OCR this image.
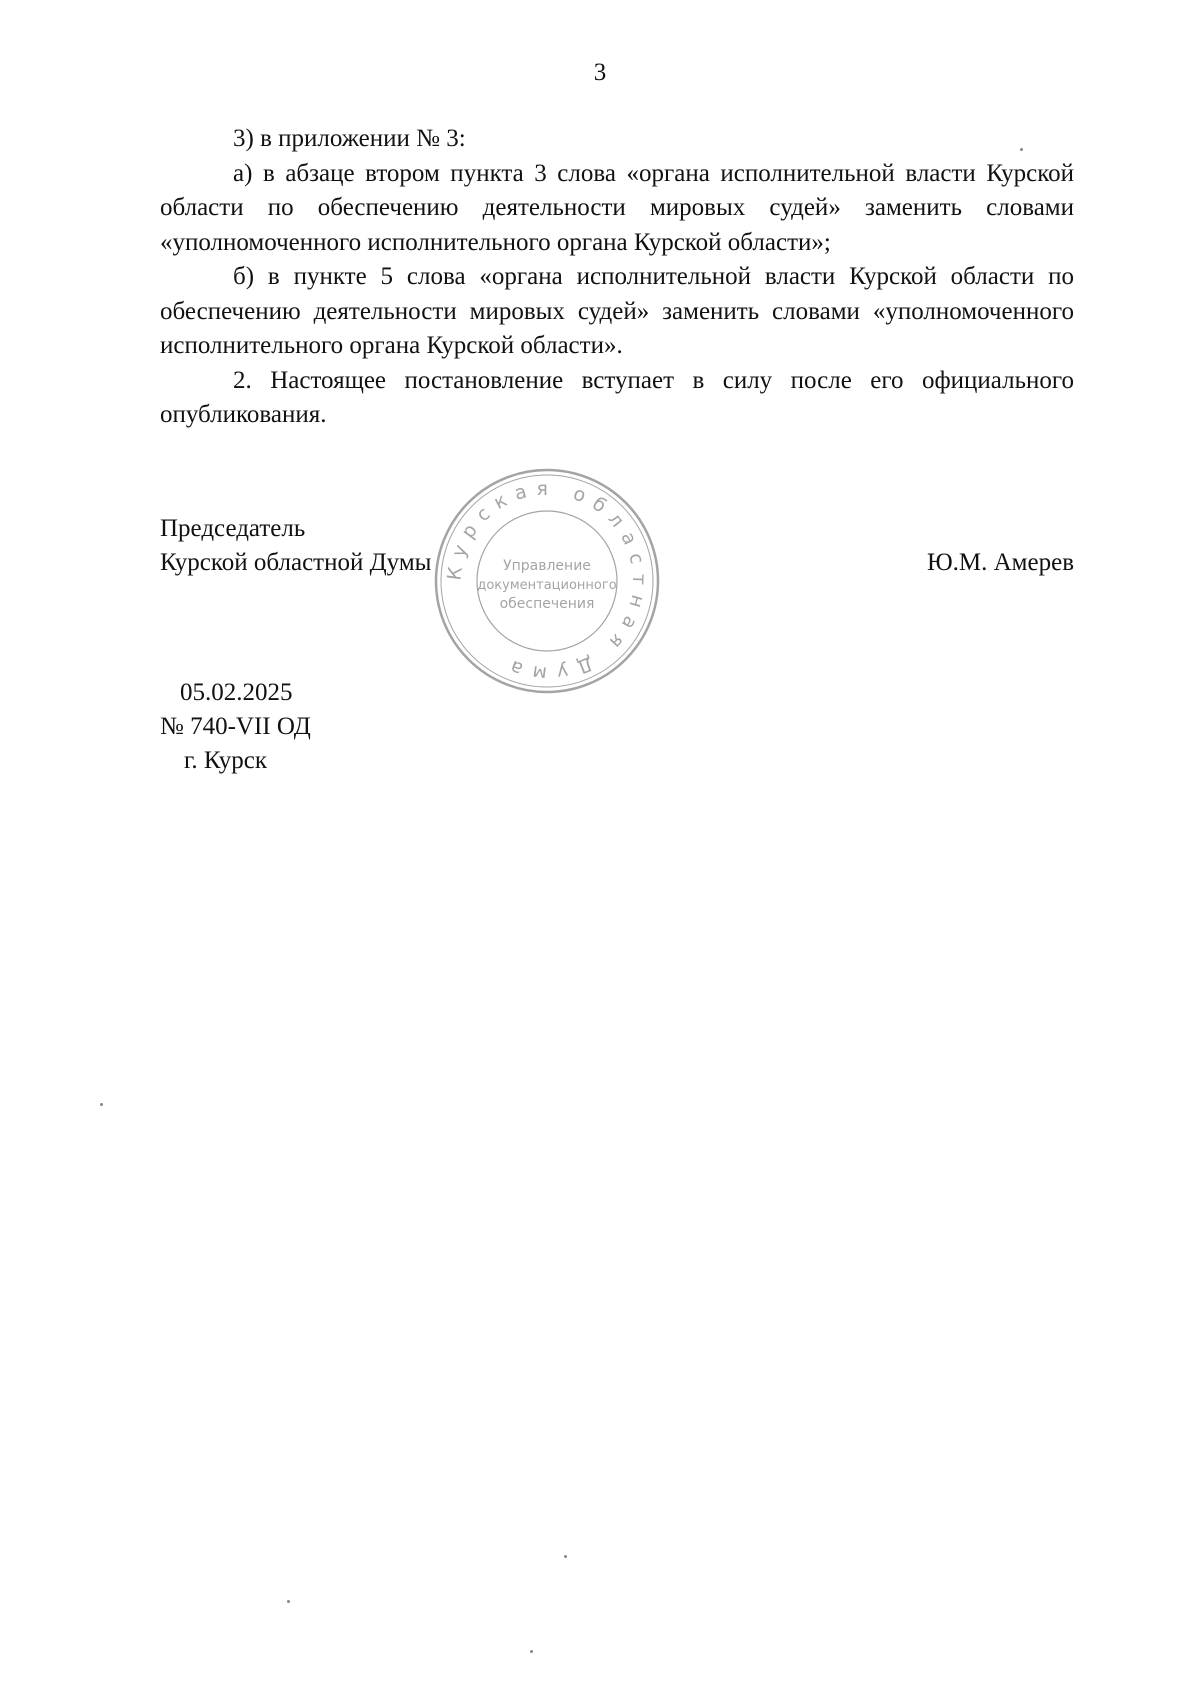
3

3) в приложении № 3:

а) в абзаце втором пункта 3 слова «органа исполнительной власти Курской области по обеспечению деятельности мировых судей» заменить словами «уполномоченного исполнительного органа Курской области»;

б) в пункте 5 слова «органа исполнительной власти Курской области по обеспечению деятельности мировых судей» заменить словами «уполномоченного исполнительного органа Курской области».

2. Настоящее постановление вступает в силу после его официального опубликования.

Председатель
Курской областной Думы	Ю.М. Амерев
Курская областная Дума
Управление
документационного
обеспечения
05.02.2025
№ 740-VII ОД
г. Курск
